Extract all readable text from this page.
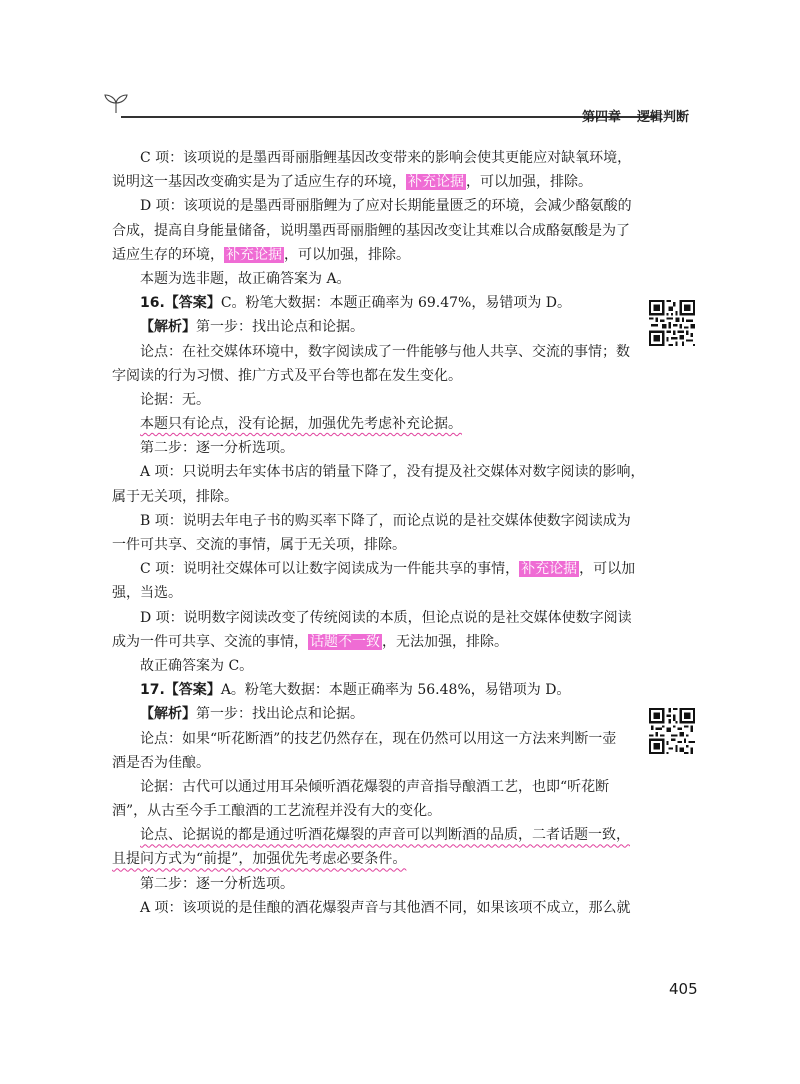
第四章 逻辑判断
C 项：该项说的是墨西哥丽脂鲤基因改变带来的影响会使其更能应对缺氧环境，
说明这一基因改变确实是为了适应生存的环境， 补充论据 ，可以加强，排除。
D 项：该项说的是墨西哥丽脂鲤为了应对长期能量匮乏的环境，会减少酪氨酸的
合成，提高自身能量储备，说明墨西哥丽脂鲤的基因改变让其难以合成酪氨酸是为了
适应生存的环境， 补充论据 ，可以加强，排除。
本题为选非题，故正确答案为 A。
16.【答案】C。粉笔大数据：本题正确率为 69.47%，易错项为 D。
【解析】第一步：找出论点和论据。
论点：在社交媒体环境中，数字阅读成了一件能够与他人共享、交流的事情；数
字阅读的行为习惯、推广方式及平台等也都在发生变化。
论据：无。
本题只有论点，没有论据，加强优先考虑补充论据。
第二步：逐一分析选项。
A 项：只说明去年实体书店的销量下降了，没有提及社交媒体对数字阅读的影响，
属于无关项，排除。
B 项：说明去年电子书的购买率下降了，而论点说的是社交媒体使数字阅读成为
一件可共享、交流的事情，属于无关项，排除。
C 项：说明社交媒体可以让数字阅读成为一件能共享的事情， 补充论据 ，可以加
强，当选。
D 项：说明数字阅读改变了传统阅读的本质，但论点说的是社交媒体使数字阅读
成为一件可共享、交流的事情， 话题不一致 ，无法加强，排除。
故正确答案为 C。
17.【答案】A。粉笔大数据：本题正确率为 56.48%，易错项为 D。
【解析】第一步：找出论点和论据。
论点：如果“听花断酒”的技艺仍然存在，现在仍然可以用这一方法来判断一壶
酒是否为佳酿。
论据：古代可以通过用耳朵倾听酒花爆裂的声音指导酿酒工艺，也即“听花断
酒”，从古至今手工酿酒的工艺流程并没有大的变化。
论点、论据说的都是通过听酒花爆裂的声音可以判断酒的品质，二者话题一致，
且提问方式为“前提”，加强优先考虑必要条件。
第二步：逐一分析选项。
A 项：该项说的是佳酿的酒花爆裂声音与其他酒不同，如果该项不成立，那么就
405
